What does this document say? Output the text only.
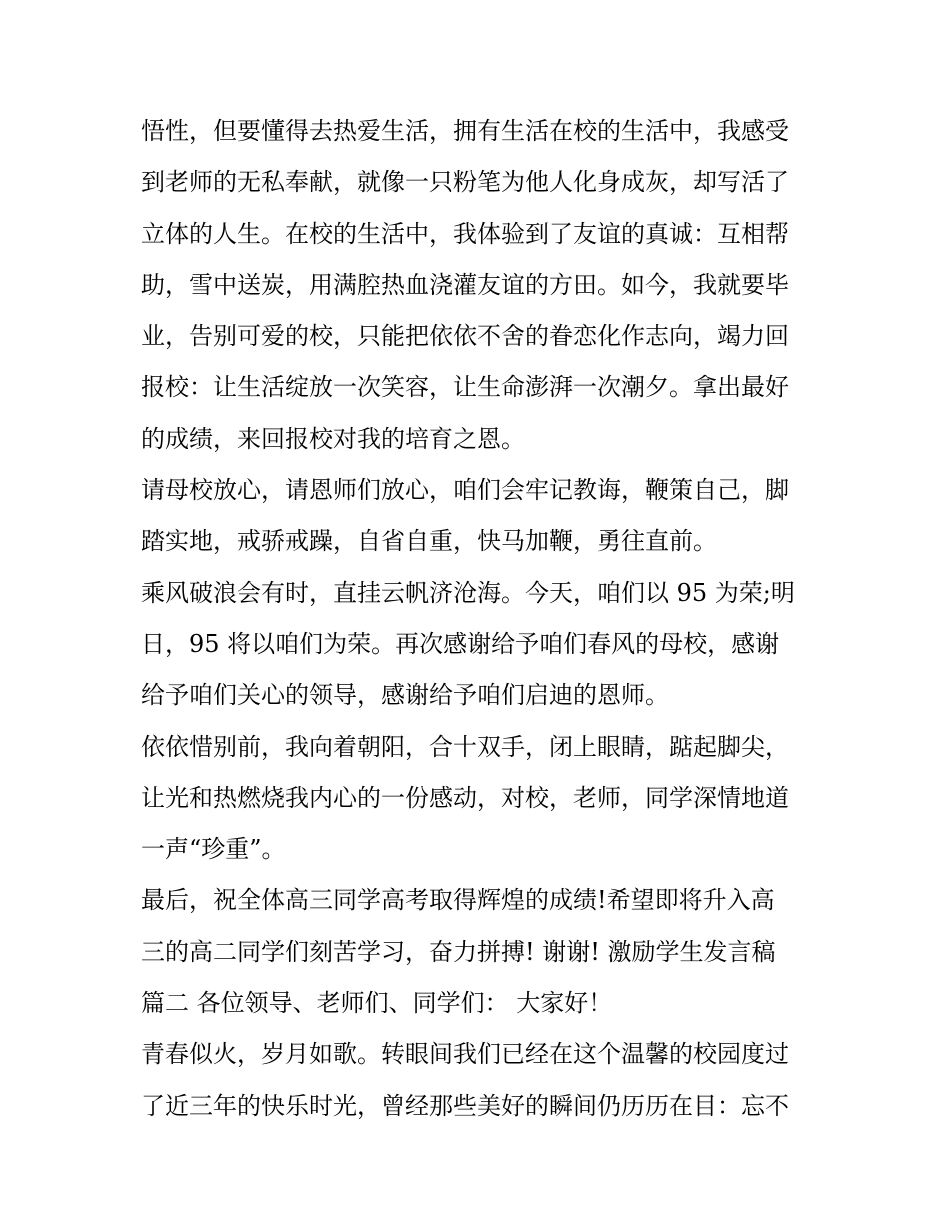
悟性，但要懂得去热爱生活，拥有生活在校的生活中，我感受
到老师的无私奉献，就像一只粉笔为他人化身成灰，却写活了
立体的人生。在校的生活中，我体验到了友谊的真诚：互相帮
助，雪中送炭，用满腔热血浇灌友谊的方田。如今，我就要毕
业，告别可爱的校，只能把依依不舍的眷恋化作志向，竭力回
报校：让生活绽放一次笑容，让生命澎湃一次潮夕。拿出最好
的成绩，来回报校对我的培育之恩。
请母校放心，请恩师们放心，咱们会牢记教诲，鞭策自己，脚
踏实地，戒骄戒躁，自省自重，快马加鞭，勇往直前。
乘风破浪会有时，直挂云帆济沧海。今天，咱们以 95 为荣;明
日，95 将以咱们为荣。再次感谢给予咱们春风的母校，感谢
给予咱们关心的领导，感谢给予咱们启迪的恩师。
依依惜别前，我向着朝阳，合十双手，闭上眼睛，踮起脚尖，
让光和热燃烧我内心的一份感动，对校，老师，同学深情地道
一声“珍重”。
最后，祝全体高三同学高考取得辉煌的成绩!希望即将升入高
三的高二同学们刻苦学习，奋力拼搏! 谢谢! 激励学生发言稿
篇二 各位领导、老师们、同学们： 大家好！
青春似火，岁月如歌。转眼间我们已经在这个温馨的校园度过
了近三年的快乐时光，曾经那些美好的瞬间仍历历在目：忘不
